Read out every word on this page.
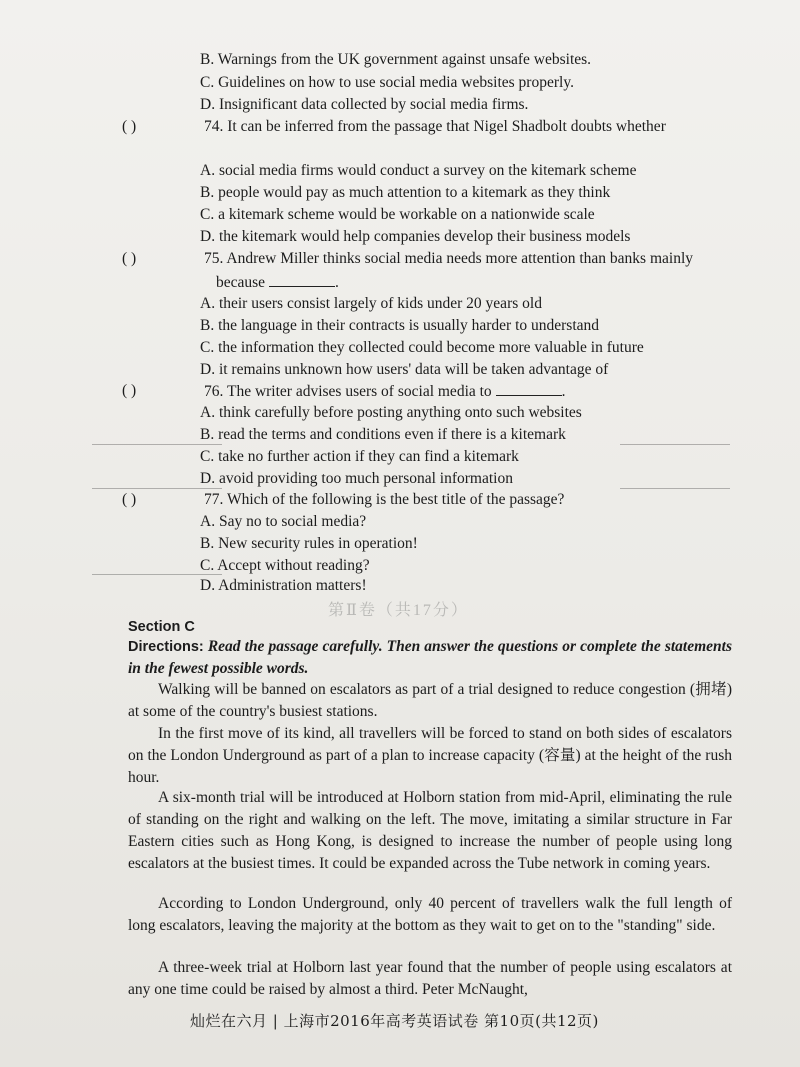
B. Warnings from the UK government against unsafe websites.
C. Guidelines on how to use social media websites properly.
D. Insignificant data collected by social media firms.
( )	74. It can be inferred from the passage that Nigel Shadbolt doubts whether
A. social media firms would conduct a survey on the kitemark scheme
B. people would pay as much attention to a kitemark as they think
C. a kitemark scheme would be workable on a nationwide scale
D. the kitemark would help companies develop their business models
( )	75. Andrew Miller thinks social media needs more attention than banks mainly
because	.
A. their users consist largely of kids under 20 years old
B. the language in their contracts is usually harder to understand
C. the information they collected could become more valuable in future
D. it remains unknown how users' data will be taken advantage of
( )	76. The writer advises users of social media to	.
A. think carefully before posting anything onto such websites
B. read the terms and conditions even if there is a kitemark
C. take no further action if they can find a kitemark
D. avoid providing too much personal information
( )	77. Which of the following is the best title of the passage?
A. Say no to social media?
B. New security rules in operation!
C. Accept without reading?
D. Administration matters!
第Ⅱ卷（共17分）
Section C
Directions: Read the passage carefully. Then answer the questions or complete the statements in the fewest possible words.
Walking will be banned on escalators as part of a trial designed to reduce congestion (拥堵) at some of the country's busiest stations.
In the first move of its kind, all travellers will be forced to stand on both sides of escalators on the London Underground as part of a plan to increase capacity (容量) at the height of the rush hour.
A six-month trial will be introduced at Holborn station from mid-April, eliminating the rule of standing on the right and walking on the left. The move, imitating a similar structure in Far Eastern cities such as Hong Kong, is designed to increase the number of people using long escalators at the busiest times. It could be expanded across the Tube network in coming years.
According to London Underground, only 40 percent of travellers walk the full length of long escalators, leaving the majority at the bottom as they wait to get on to the "standing" side.
A three-week trial at Holborn last year found that the number of people using escalators at any one time could be raised by almost a third. Peter McNaught,
灿烂在六月 | 上海市2016年高考英语试卷 第10页(共12页)
